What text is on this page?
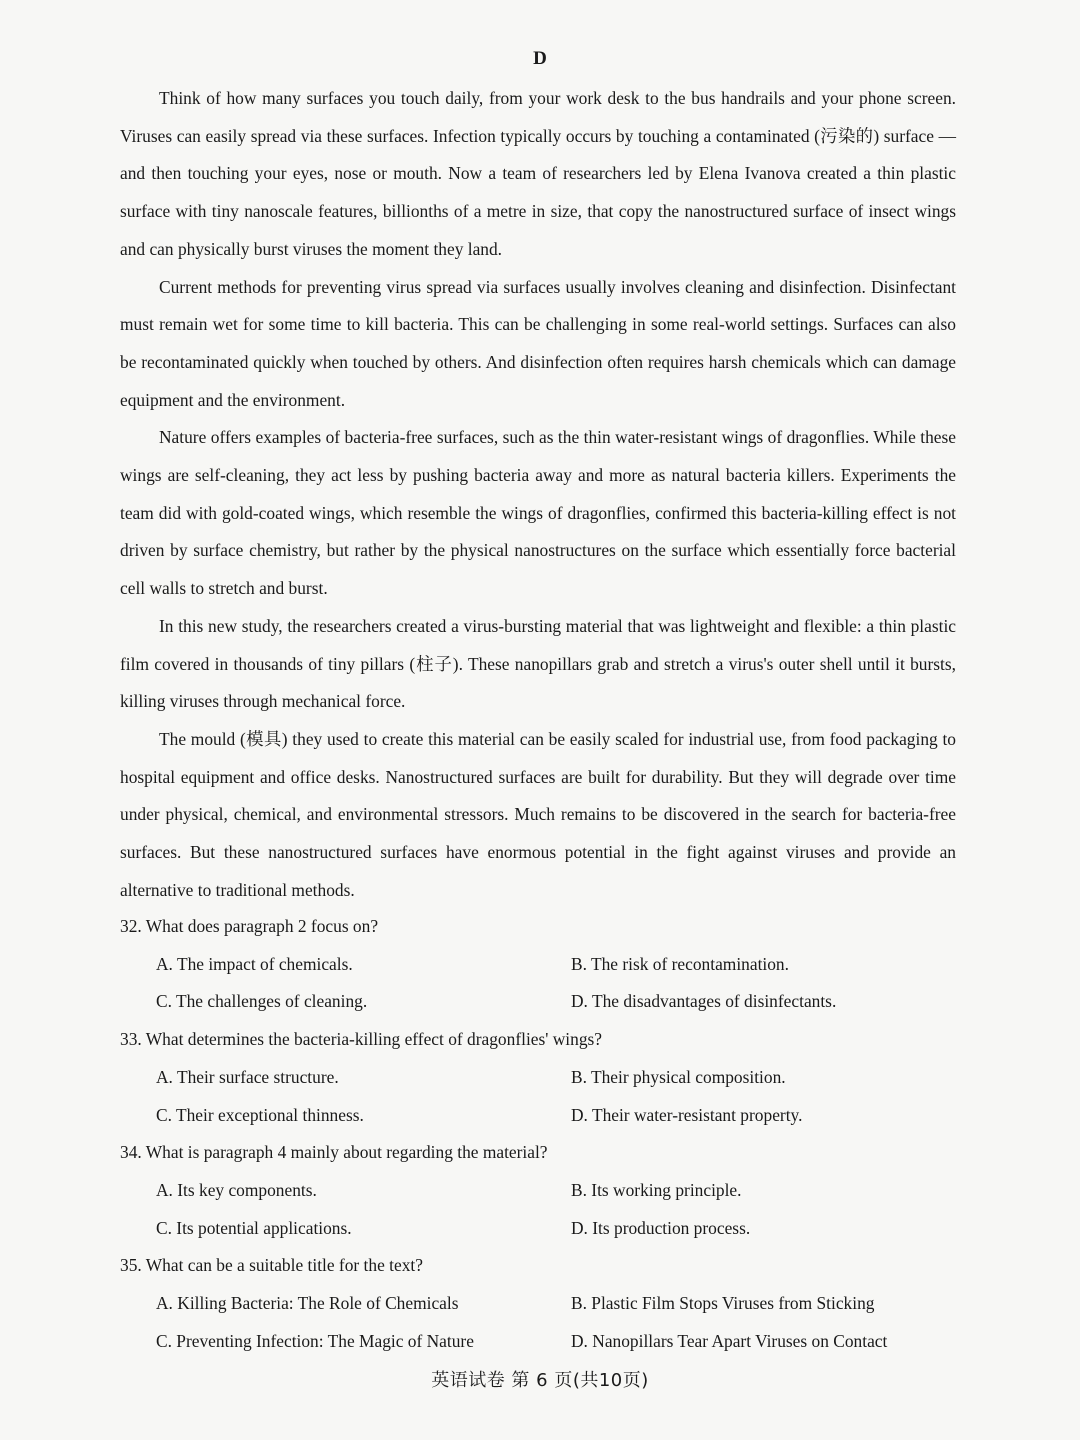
D

Think of how many surfaces you touch daily, from your work desk to the bus handrails and your phone screen. Viruses can easily spread via these surfaces. Infection typically occurs by touching a contaminated (污染的) surface — and then touching your eyes, nose or mouth. Now a team of researchers led by Elena Ivanova created a thin plastic surface with tiny nanoscale features, billionths of a metre in size, that copy the nanostructured surface of insect wings and can physically burst viruses the moment they land.

Current methods for preventing virus spread via surfaces usually involves cleaning and disinfection. Disinfectant must remain wet for some time to kill bacteria. This can be challenging in some real-world settings. Surfaces can also be recontaminated quickly when touched by others. And disinfection often requires harsh chemicals which can damage equipment and the environment.

Nature offers examples of bacteria-free surfaces, such as the thin water-resistant wings of dragonflies. While these wings are self-cleaning, they act less by pushing bacteria away and more as natural bacteria killers. Experiments the team did with gold-coated wings, which resemble the wings of dragonflies, confirmed this bacteria-killing effect is not driven by surface chemistry, but rather by the physical nanostructures on the surface which essentially force bacterial cell walls to stretch and burst.

In this new study, the researchers created a virus-bursting material that was lightweight and flexible: a thin plastic film covered in thousands of tiny pillars (柱子). These nanopillars grab and stretch a virus's outer shell until it bursts, killing viruses through mechanical force.

The mould (模具) they used to create this material can be easily scaled for industrial use, from food packaging to hospital equipment and office desks. Nanostructured surfaces are built for durability. But they will degrade over time under physical, chemical, and environmental stressors. Much remains to be discovered in the search for bacteria-free surfaces. But these nanostructured surfaces have enormous potential in the fight against viruses and provide an alternative to traditional methods.

32. What does paragraph 2 focus on?

A. The impact of chemicals.	B. The risk of recontamination.
C. The challenges of cleaning.	D. The disadvantages of disinfectants.

33. What determines the bacteria-killing effect of dragonflies' wings?

A. Their surface structure.	B. Their physical composition.
C. Their exceptional thinness.	D. Their water-resistant property.

34. What is paragraph 4 mainly about regarding the material?

A. Its key components.	B. Its working principle.
C. Its potential applications.	D. Its production process.

35. What can be a suitable title for the text?

A. Killing Bacteria: The Role of Chemicals	B. Plastic Film Stops Viruses from Sticking
C. Preventing Infection: The Magic of Nature	D. Nanopillars Tear Apart Viruses on Contact
英语试卷 第 6 页(共10页)
